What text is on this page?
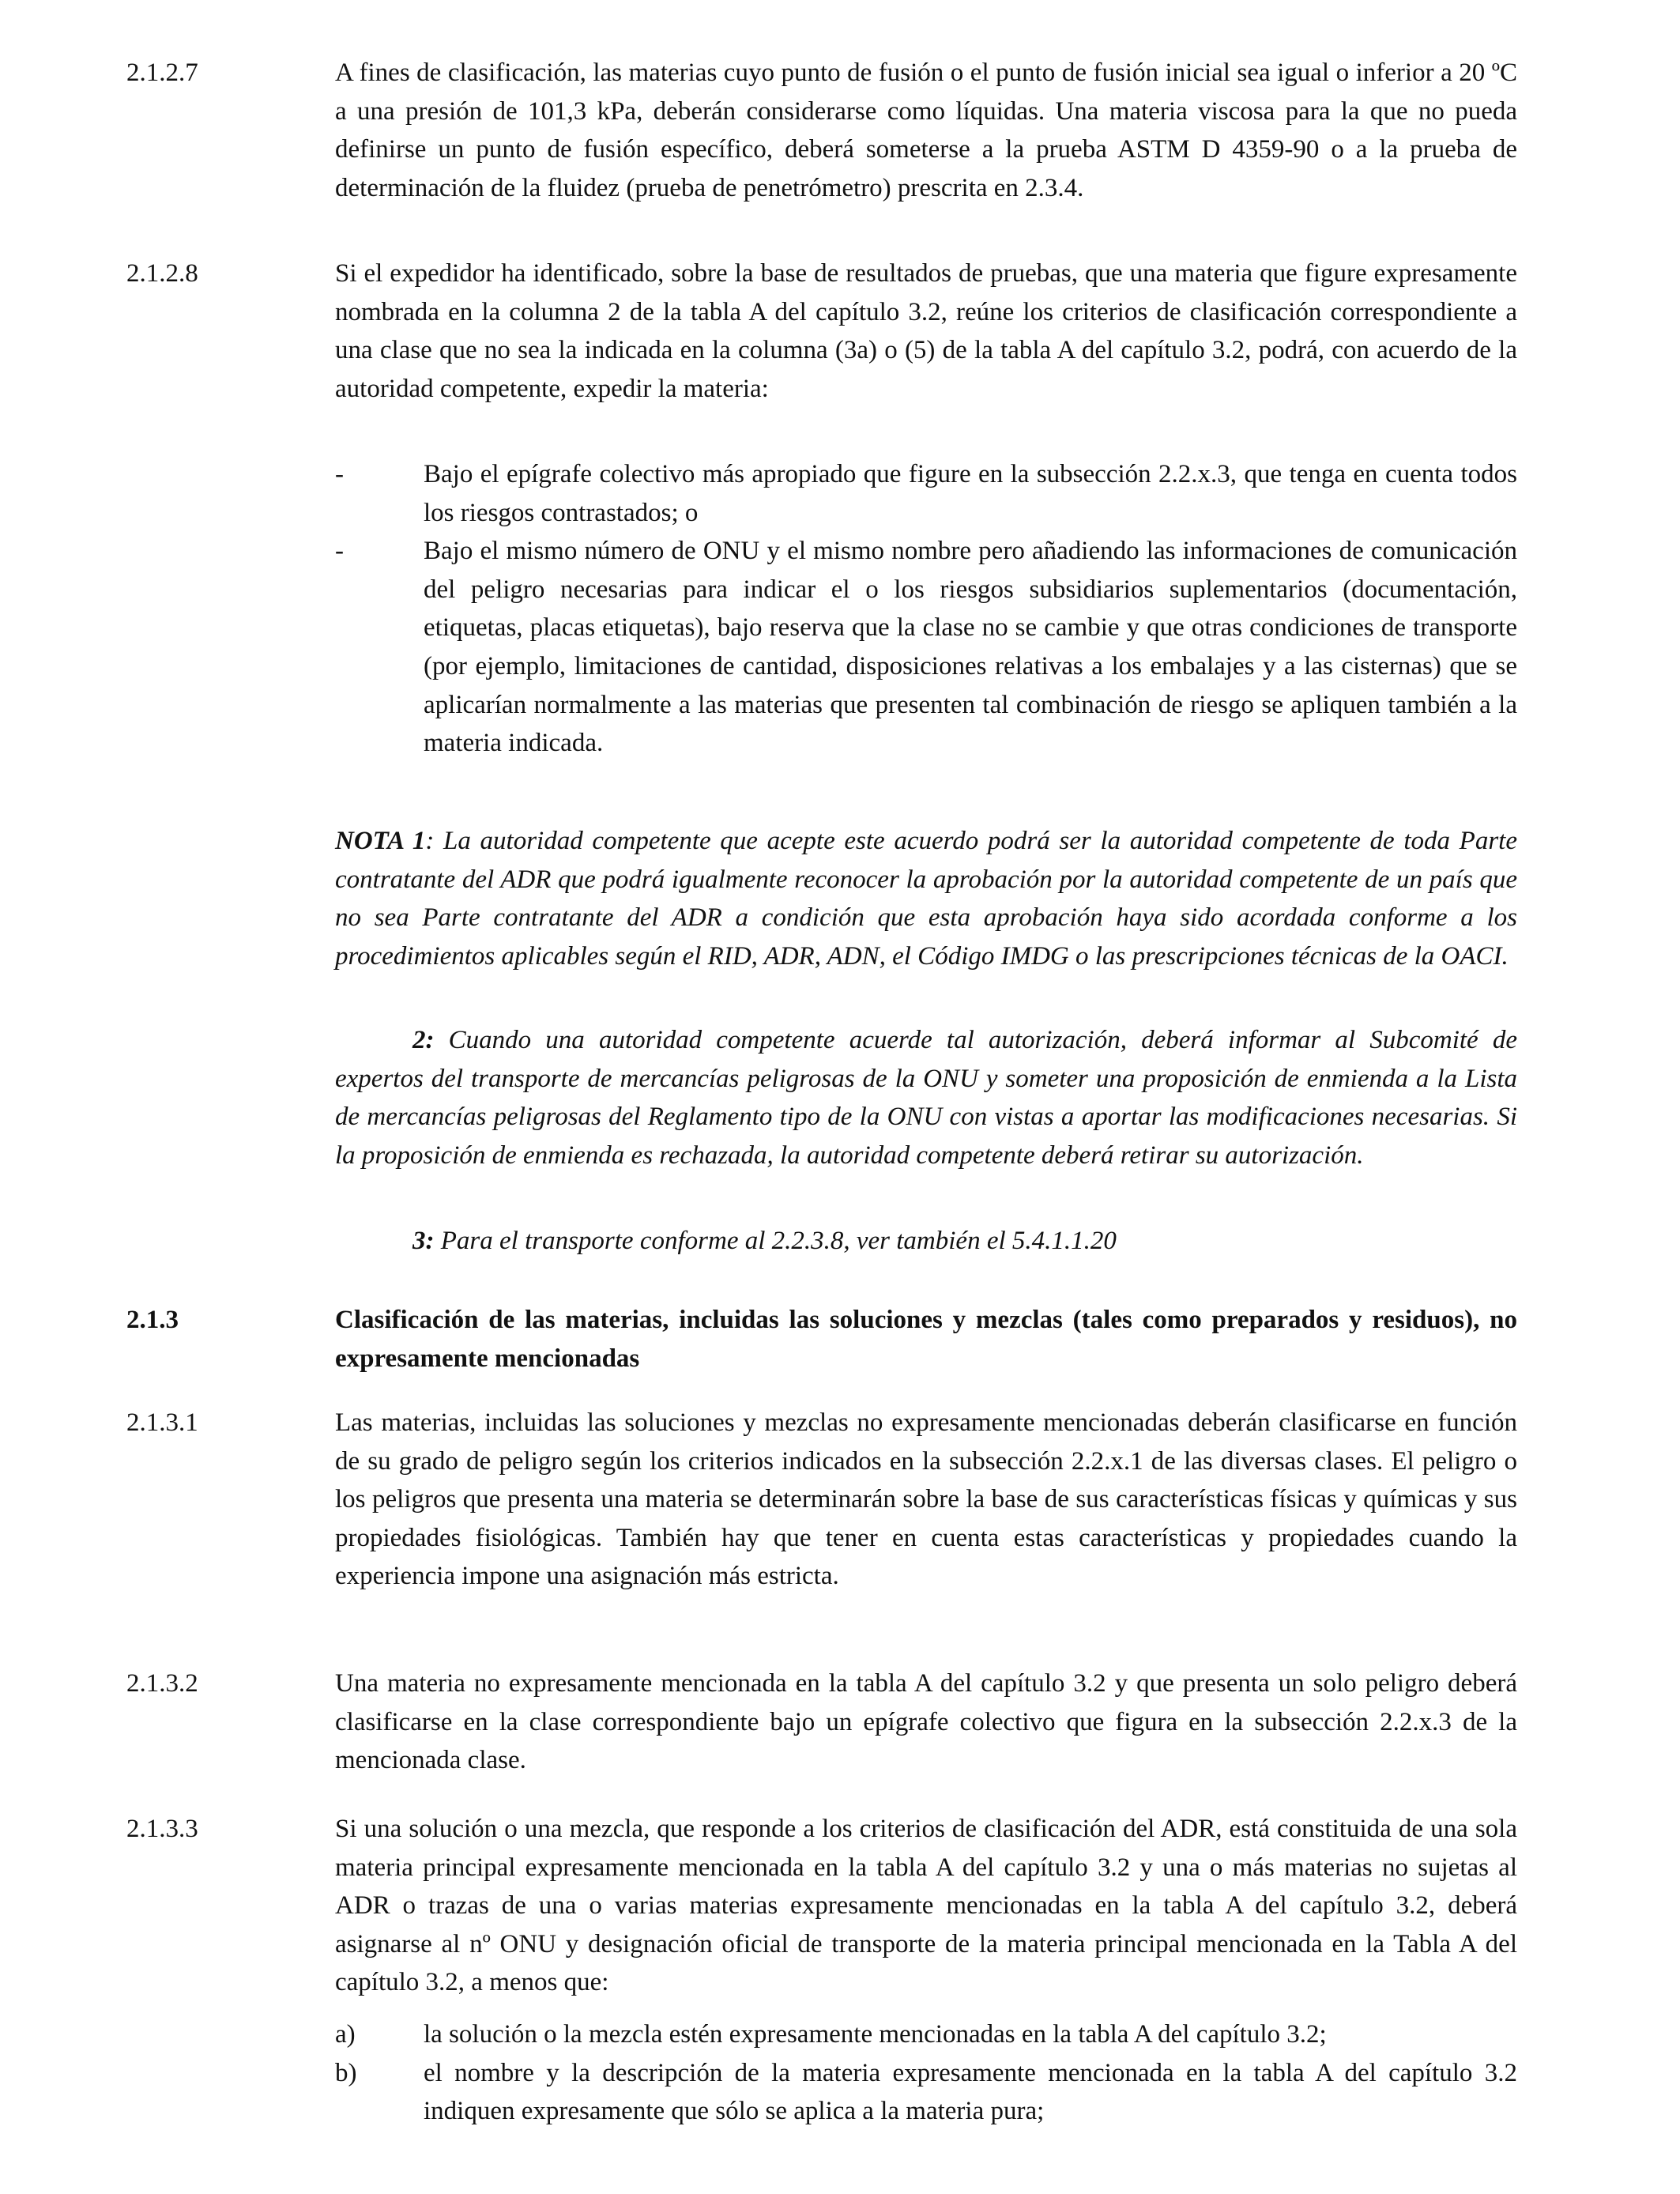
2.1.2.7	A fines de clasificación, las materias cuyo punto de fusión o el punto de fusión inicial sea igual o inferior a 20 ºC a una presión de 101,3 kPa, deberán considerarse como líquidas. Una materia viscosa para la que no pueda definirse un punto de fusión específico, deberá someterse a la prueba ASTM D 4359-90 o a la prueba de determinación de la fluidez (prueba de penetrómetro) prescrita en 2.3.4.

2.1.2.8	Si el expedidor ha identificado, sobre la base de resultados de pruebas, que una materia que figure expresamente nombrada en la columna 2 de la tabla A del capítulo 3.2, reúne los criterios de clasificación correspondiente a una clase que no sea la indicada en la columna (3a) o (5) de la tabla A del capítulo 3.2, podrá, con acuerdo de la autoridad competente, expedir la materia:

-	Bajo el epígrafe colectivo más apropiado que figure en la subsección 2.2.x.3, que tenga en cuenta todos los riesgos contrastados; o
-	Bajo el mismo número de ONU y el mismo nombre pero añadiendo las informaciones de comunicación del peligro necesarias para indicar el o los riesgos subsidiarios suplementarios (documentación, etiquetas, placas etiquetas), bajo reserva que la clase no se cambie y que otras condiciones de transporte (por ejemplo, limitaciones de cantidad, disposiciones relativas a los embalajes y a las cisternas) que se aplicarían normalmente a las materias que presenten tal combinación de riesgo se apliquen también a la materia indicada.
NOTA 1: La autoridad competente que acepte este acuerdo podrá ser la autoridad competente de toda Parte contratante del ADR que podrá igualmente reconocer la aprobación por la autoridad competente de un país que no sea Parte contratante del ADR a condición que esta aprobación haya sido acordada conforme a los procedimientos aplicables según el RID, ADR, ADN, el Código IMDG o las prescripciones técnicas de la OACI.
2: Cuando una autoridad competente acuerde tal autorización, deberá informar al Subcomité de expertos del transporte de mercancías peligrosas de la ONU y someter una proposición de enmienda a la Lista de mercancías peligrosas del Reglamento tipo de la ONU con vistas a aportar las modificaciones necesarias. Si la proposición de enmienda es rechazada, la autoridad competente deberá retirar su autorización.
3: Para el transporte conforme al 2.2.3.8, ver también el 5.4.1.1.20
2.1.3	Clasificación de las materias, incluidas las soluciones y mezclas (tales como preparados y residuos), no expresamente mencionadas
2.1.3.1	Las materias, incluidas las soluciones y mezclas no expresamente mencionadas deberán clasificarse en función de su grado de peligro según los criterios indicados en la subsección 2.2.x.1 de las diversas clases. El peligro o los peligros que presenta una materia se determinarán sobre la base de sus características físicas y químicas y sus propiedades fisiológicas. También hay que tener en cuenta estas características y propiedades cuando la experiencia impone una asignación más estricta.

2.1.3.2	Una materia no expresamente mencionada en la tabla A del capítulo 3.2 y que presenta un solo peligro deberá clasificarse en la clase correspondiente bajo un epígrafe colectivo que figura en la subsección 2.2.x.3 de la mencionada clase.

2.1.3.3	Si una solución o una mezcla, que responde a los criterios de clasificación del ADR, está constituida de una sola materia principal expresamente mencionada en la tabla A del capítulo 3.2 y una o más materias no sujetas al ADR o trazas de una o varias materias expresamente mencionadas en la tabla A del capítulo 3.2, deberá asignarse al nº ONU y designación oficial de transporte de la materia principal mencionada en la Tabla A del capítulo 3.2, a menos que:

a)	la solución o la mezcla estén expresamente mencionadas en la tabla A del capítulo 3.2;
b)	el nombre y la descripción de la materia expresamente mencionada en la tabla A del capítulo 3.2 indiquen expresamente que sólo se aplica a la materia pura;
